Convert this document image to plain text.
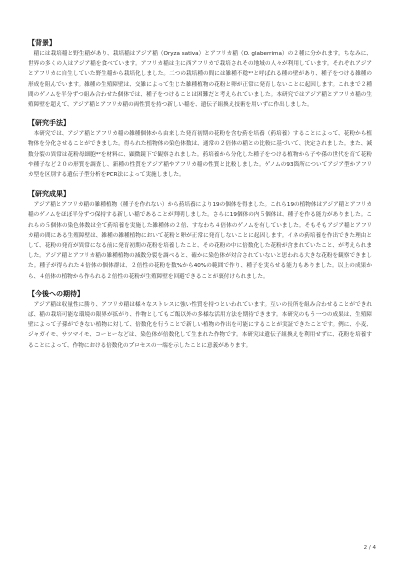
【背景】

稲には栽培稲と野生稲があり、栽培稲はアジア稲（Oryza sativa）とアフリカ稲（O. glaberrima）の２種に分かれます。ちなみに、世界の多くの人はアジア稲を食べています。アフリカ稲は主に西アフリカで栽培されその地域の人々が利用しています。それぞれアジアとアフリカに自生していた野生稲から栽培化しました。二つの栽培種の間には雑種不稔*¹と呼ばれる種の壁があり、種子をつける雑種の形成を阻んでいます。雑種の生殖障壁は、交雑によって生じた雑種植物の花粉と卵が正常に発育しないことに起因します。これまで２種間のゲノムを半分ずつ組み合わせた個体では、種子をつけることは困難だと考えられていました。本研究ではアジア稲とアフリカ稲の生殖障壁を超えて、アジア稲とアフリカ稲の両性質を持つ新しい稲を、遺伝子組換え技術を用いずに作出しました。

【研究手法】

本研究では、アジア稲とアフリカ稲の雑種個体から由来した発育初期の花粉を含む葯を培養（葯培養）することによって、花粉から植物体を分化させることができました。得られた植物体の染色体数は、通常の２倍体の稲との比較に基づいて、決定されました。また、減数分裂の異常は花粉母細胞*²を材料に、顕微鏡下で観察されました。葯培養から分化した種子をつける植物から子や孫の世代を育て花粉や種子など２０の形質を調査し、新種の性質をアジア稲やアフリカ稲の性質と比較しました。ゲノムの93箇所についてアジア型かアフリカ型を区別する遺伝子型分析をPCR法によって実施しました。

【研究成果】

アジア稲とアフリカ稲の雑種植物（種子を作れない）から葯培養により19の個体を得ました。これら19の植物体はアジア稲とアフリカ稲のゲノムをほぼ半分ずつ保持する新しい稲であることが判明しました。さらに19個体の内５個体は、種子を作る能力がありました。これらの５個体の染色体数は全て葯培養を実施した雑種体の２倍、すなわち４倍体のゲノムを有していました。そもそもアジア稲とアフリカ稲の間にある生殖障壁は、雑種の雑種植物において花粉と卵が正常に発育しないことに起因します。イネの葯培養を作出できた理由として、花粉の発育が異常になる前に発育初期の花粉を培養したこと、その花粉の中に倍数化した花粉が含まれていたこと、が考えられました。アジア稲とアフリカ稲の雑種植物の減数分裂を調べると、確かに染色体が対合されていないと思われる大きな花粉を観察できました。種子が得られた４倍体の個体群は、２倍性の花粉を数%から40%の範囲で作り、種子を実らせる能力もありました。以上の成果から、４倍体の植物から作られる２倍性の花粉が生殖障壁を回避できることが裏付けられました。

【今後への期待】

アジア稲は収量性に勝り、アフリカ稲は様々なストレスに強い性質を持つといわれています。互いの長所を組み合わせることができれば、稲の栽培可能な環境の限界が拡がり、作物としてもご飯以外の多様な活用方法を期待できます。本研究のもう一つの成果は、生殖障壁によって子孫ができない植物に対して、倍数化を行うことで新しい植物の作出を可能にすることが実証できたことです。例に、小麦、ジャガイモ、サツマイモ、コーヒーなどは、染色体が倍数化して生まれた作物です。本研究は遺伝子組換えを利用せずに、花粉を培養することによって、作物における倍数化のプロセスの一端を示したことに意義があります。

2 / 4
